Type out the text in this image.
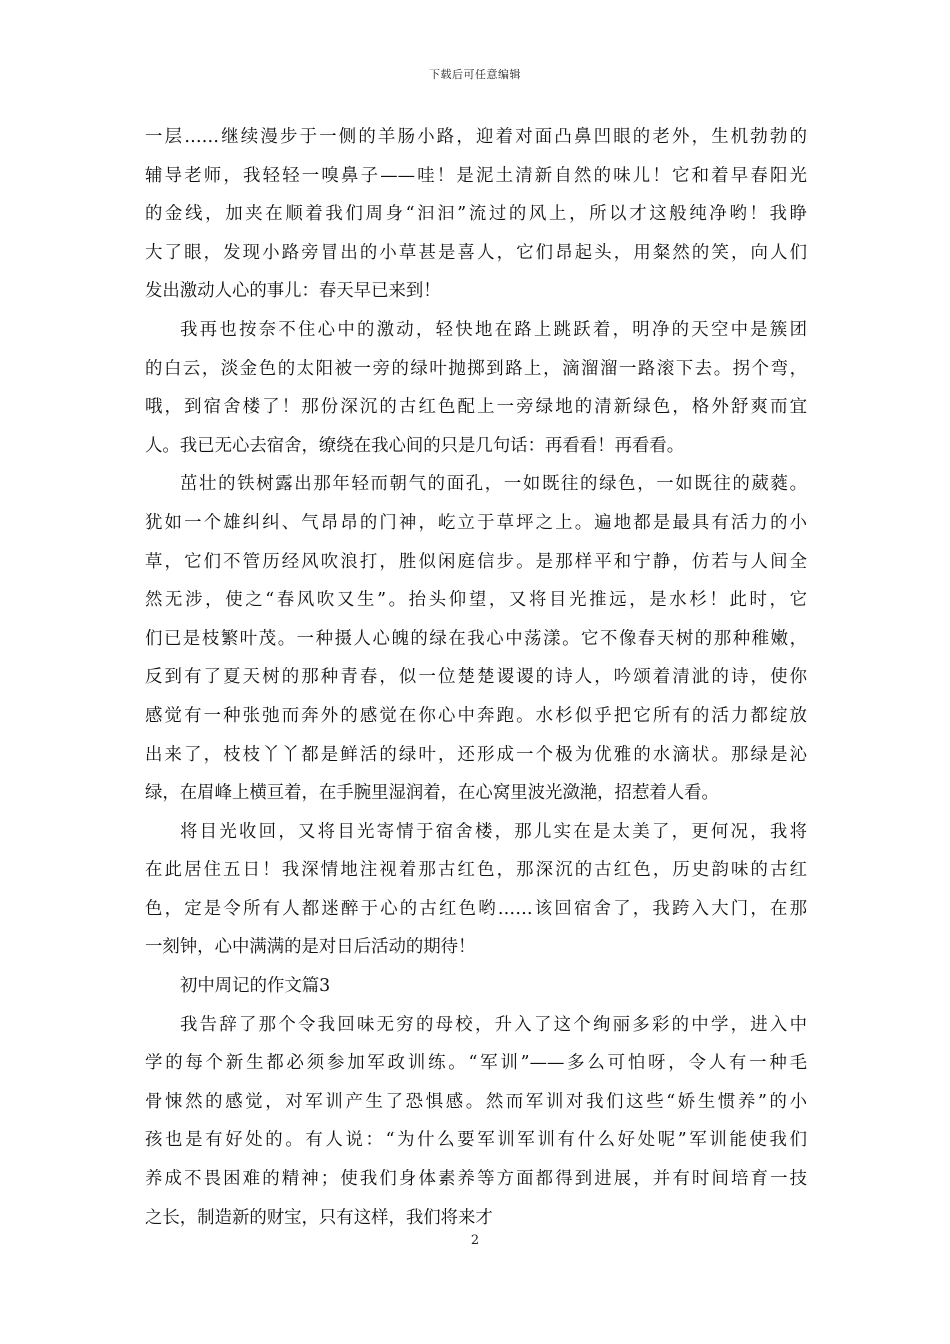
下载后可任意编辑
一层……继续漫步于一侧的羊肠小路，迎着对面凸鼻凹眼的老外，生机勃勃的
辅导老师，我轻轻一嗅鼻子——哇！是泥土清新自然的味儿！它和着早春阳光
的金线，加夹在顺着我们周身“汩汩”流过的风上，所以才这般纯净哟！我睁
大了眼，发现小路旁冒出的小草甚是喜人，它们昂起头，用粲然的笑，向人们
发出激动人心的事儿：春天早已来到！
我再也按奈不住心中的激动，轻快地在路上跳跃着，明净的天空中是簇团
的白云，淡金色的太阳被一旁的绿叶抛掷到路上，滴溜溜一路滚下去。拐个弯，
哦，到宿舍楼了！那份深沉的古红色配上一旁绿地的清新绿色，格外舒爽而宜
人。我已无心去宿舍，缭绕在我心间的只是几句话：再看看！再看看。
茁壮的铁树露出那年轻而朝气的面孔，一如既往的绿色，一如既往的葳蕤。
犹如一个雄纠纠、气昂昂的门神，屹立于草坪之上。遍地都是最具有活力的小
草，它们不管历经风吹浪打，胜似闲庭信步。是那样平和宁静，仿若与人间全
然无涉，使之“春风吹又生”。抬头仰望，又将目光推远，是水杉！此时，它
们已是枝繁叶茂。一种摄人心魄的绿在我心中荡漾。它不像春天树的那种稚嫩，
反到有了夏天树的那种青春，似一位楚楚谡谡的诗人，吟颂着清泚的诗，使你
感觉有一种张弛而奔外的感觉在你心中奔跑。水杉似乎把它所有的活力都绽放
出来了，枝枝丫丫都是鲜活的绿叶，还形成一个极为优雅的水滴状。那绿是沁
绿，在眉峰上横亘着，在手腕里湿润着，在心窝里波光潋滟，招惹着人看。
将目光收回，又将目光寄情于宿舍楼，那儿实在是太美了，更何况，我将
在此居住五日！我深情地注视着那古红色，那深沉的古红色，历史韵味的古红
色，定是令所有人都迷醉于心的古红色哟……该回宿舍了，我跨入大门，在那
一刻钟，心中满满的是对日后活动的期待！
初中周记的作文篇3
我告辞了那个令我回味无穷的母校，升入了这个绚丽多彩的中学，进入中
学的每个新生都必须参加军政训练。“军训”——多么可怕呀，令人有一种毛
骨悚然的感觉，对军训产生了恐惧感。然而军训对我们这些“娇生惯养”的小
孩也是有好处的。有人说：“为什么要军训军训有什么好处呢”军训能使我们
养成不畏困难的精神；使我们身体素养等方面都得到进展，并有时间培育一技
之长，制造新的财宝，只有这样，我们将来才
2
